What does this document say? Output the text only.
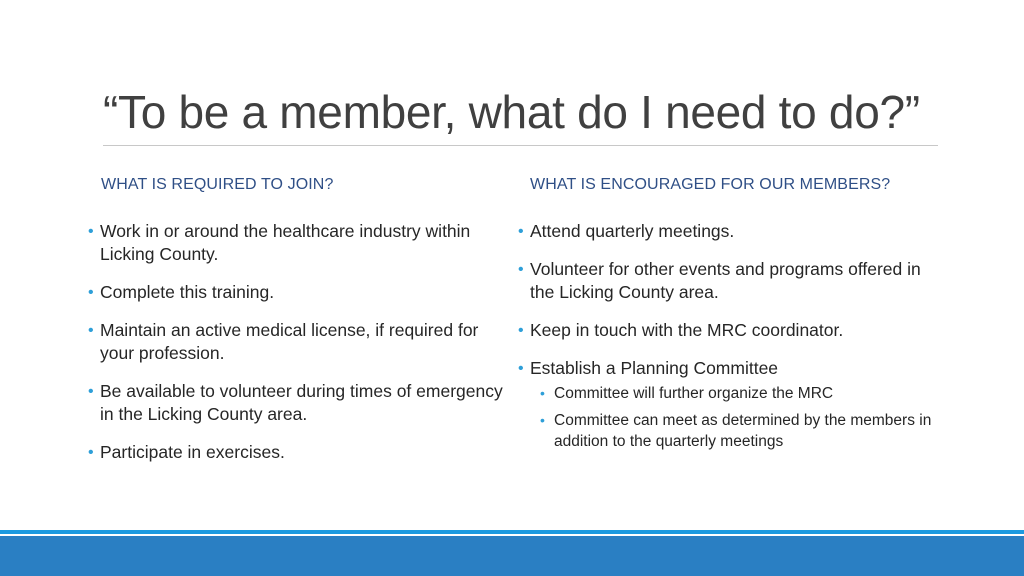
“To be a member, what do I need to do?”
WHAT IS REQUIRED TO JOIN?	WHAT IS ENCOURAGED FOR OUR MEMBERS?
• Work in or around the healthcare industry within Licking County.
• Complete this training.
• Maintain an active medical license, if required for your profession.
• Be available to volunteer during times of emergency in the Licking County area.
• Participate in exercises.
• Attend quarterly meetings.
• Volunteer for other events and programs offered in the Licking County area.
• Keep in touch with the MRC coordinator.
• Establish a Planning Committee
• Committee will further organize the MRC
• Committee can meet as determined by the members in addition to the quarterly meetings
